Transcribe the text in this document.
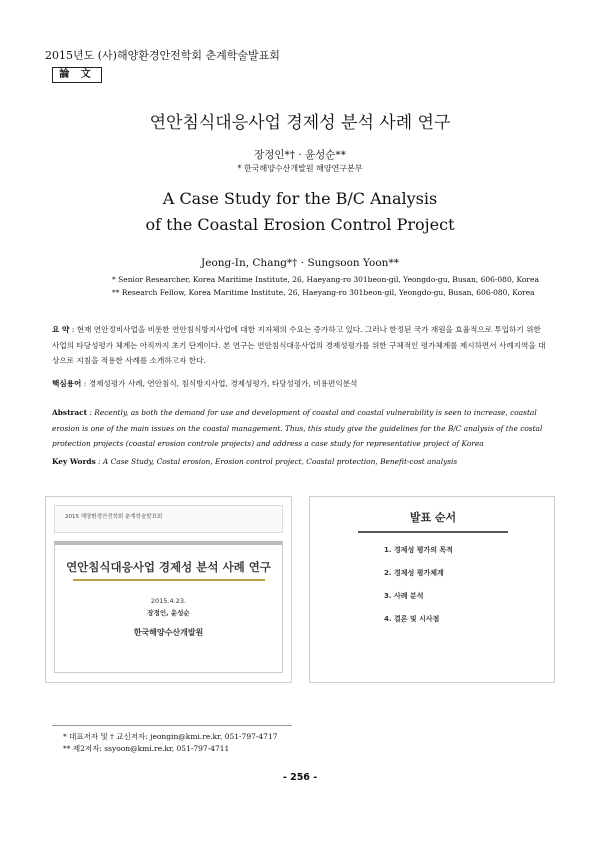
2015년도 (사)해양환경안전학회 춘계학술발표회
論 文
연안침식대응사업 경제성 분석 사례 연구
장정인*† · 윤성순**
* 한국해양수산개발원 해양연구본부
A Case Study for the B/C Analysis
of the Coastal Erosion Control Project
Jeong-In, Chang*† · Sungsoon Yoon**
* Senior Researcher, Korea Maritime Institute, 26, Haeyang-ro 301beon-gil, Yeongdo-gu, Busan, 606-080, Korea
** Research Fellow, Korea Maritime Institute, 26, Haeyang-ro 301beon-gil, Yeongdo-gu, Busan, 606-080, Korea
요 약 : 현재 연안정비사업을 비롯한 연안침식방지사업에 대한 지자체의 수요는 증가하고 있다. 그러나 한정된 국가 재원을 효율적으로 투입하기 위한 사업의 타당성평가 체계는 아직까지 초기 단계이다. 본 연구는 연안침식대응사업의 경제성평가를 위한 구체적인 평가체계를 제시하면서 사례지역을 대상으로 지침을 적용한 사례를 소개하고자 한다.
핵심용어 : 경제성평가 사례, 연안침식, 침식방지사업, 경제성평가, 타당성평가, 비용편익분석
Abstract : Recently, as both the demand for use and development of coastal and coastal vulnerability is seen to increase, coastal erosion is one of the main issues on the coastal management. Thus, this study give the guidelines for the B/C analysis of the costal protection projects (coastal erosion controle projects) and address a case study for representative project of Korea
Key Words : A Case Study, Costal erosion, Erosion control project, Coastal protection, Benefit-cost analysis
2015 해양환경안전학회 춘계학술발표회
연안침식대응사업 경제성 분석 사례 연구
2015.4.23.
장정인, 윤성순
한국해양수산개발원
발표 순서
1. 경제성 평가의 목적
2. 경제성 평가체계
3. 사례 분석
4. 결론 및 시사점
* 대표저자 및 † 교신저자: jeongin@kmi.re.kr, 051-797-4717
** 제2저자: ssyoon@kmi.re.kr, 051-797-4711
- 256 -
